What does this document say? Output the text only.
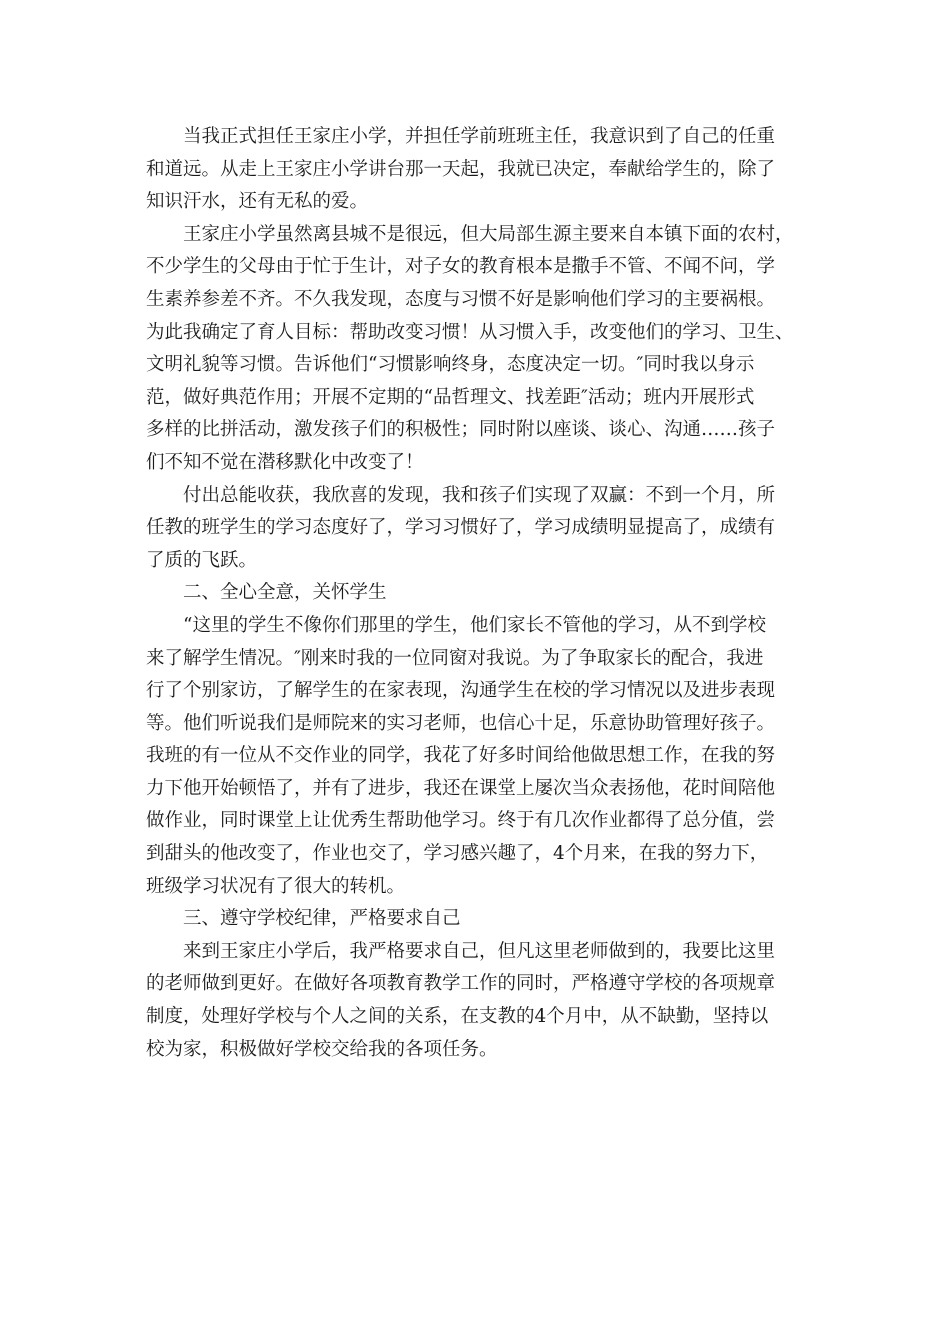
　　当我正式担任王家庄小学，并担任学前班班主任，我意识到了自己的任重
和道远。从走上王家庄小学讲台那一天起，我就已决定，奉献给学生的，除了
知识汗水，还有无私的爱。
　　王家庄小学虽然离县城不是很远，但大局部生源主要来自本镇下面的农村，
不少学生的父母由于忙于生计，对子女的教育根本是撒手不管、不闻不问，学
生素养参差不齐。不久我发现，态度与习惯不好是影响他们学习的主要祸根。
为此我确定了育人目标：帮助改变习惯！从习惯入手，改变他们的学习、卫生、
文明礼貌等习惯。告诉他们“习惯影响终身，态度决定一切。″同时我以身示
范，做好典范作用；开展不定期的“品哲理文、找差距″活动；班内开展形式
多样的比拼活动，激发孩子们的积极性；同时附以座谈、谈心、沟通……孩子
们不知不觉在潜移默化中改变了！
　　付出总能收获，我欣喜的发现，我和孩子们实现了双赢：不到一个月，所
任教的班学生的学习态度好了，学习习惯好了，学习成绩明显提高了，成绩有
了质的飞跃。
　　二、全心全意，关怀学生
　　“这里的学生不像你们那里的学生，他们家长不管他的学习，从不到学校
来了解学生情况。″刚来时我的一位同窗对我说。为了争取家长的配合，我进
行了个别家访，了解学生的在家表现，沟通学生在校的学习情况以及进步表现
等。他们听说我们是师院来的实习老师，也信心十足，乐意协助管理好孩子。
我班的有一位从不交作业的同学，我花了好多时间给他做思想工作，在我的努
力下他开始顿悟了，并有了进步，我还在课堂上屡次当众表扬他，花时间陪他
做作业，同时课堂上让优秀生帮助他学习。终于有几次作业都得了总分值，尝
到甜头的他改变了，作业也交了，学习感兴趣了，4个月来，在我的努力下，
班级学习状况有了很大的转机。
　　三、遵守学校纪律，严格要求自己
　　来到王家庄小学后，我严格要求自己，但凡这里老师做到的，我要比这里
的老师做到更好。在做好各项教育教学工作的同时，严格遵守学校的各项规章
制度，处理好学校与个人之间的关系，在支教的4个月中，从不缺勤，坚持以
校为家，积极做好学校交给我的各项任务。
